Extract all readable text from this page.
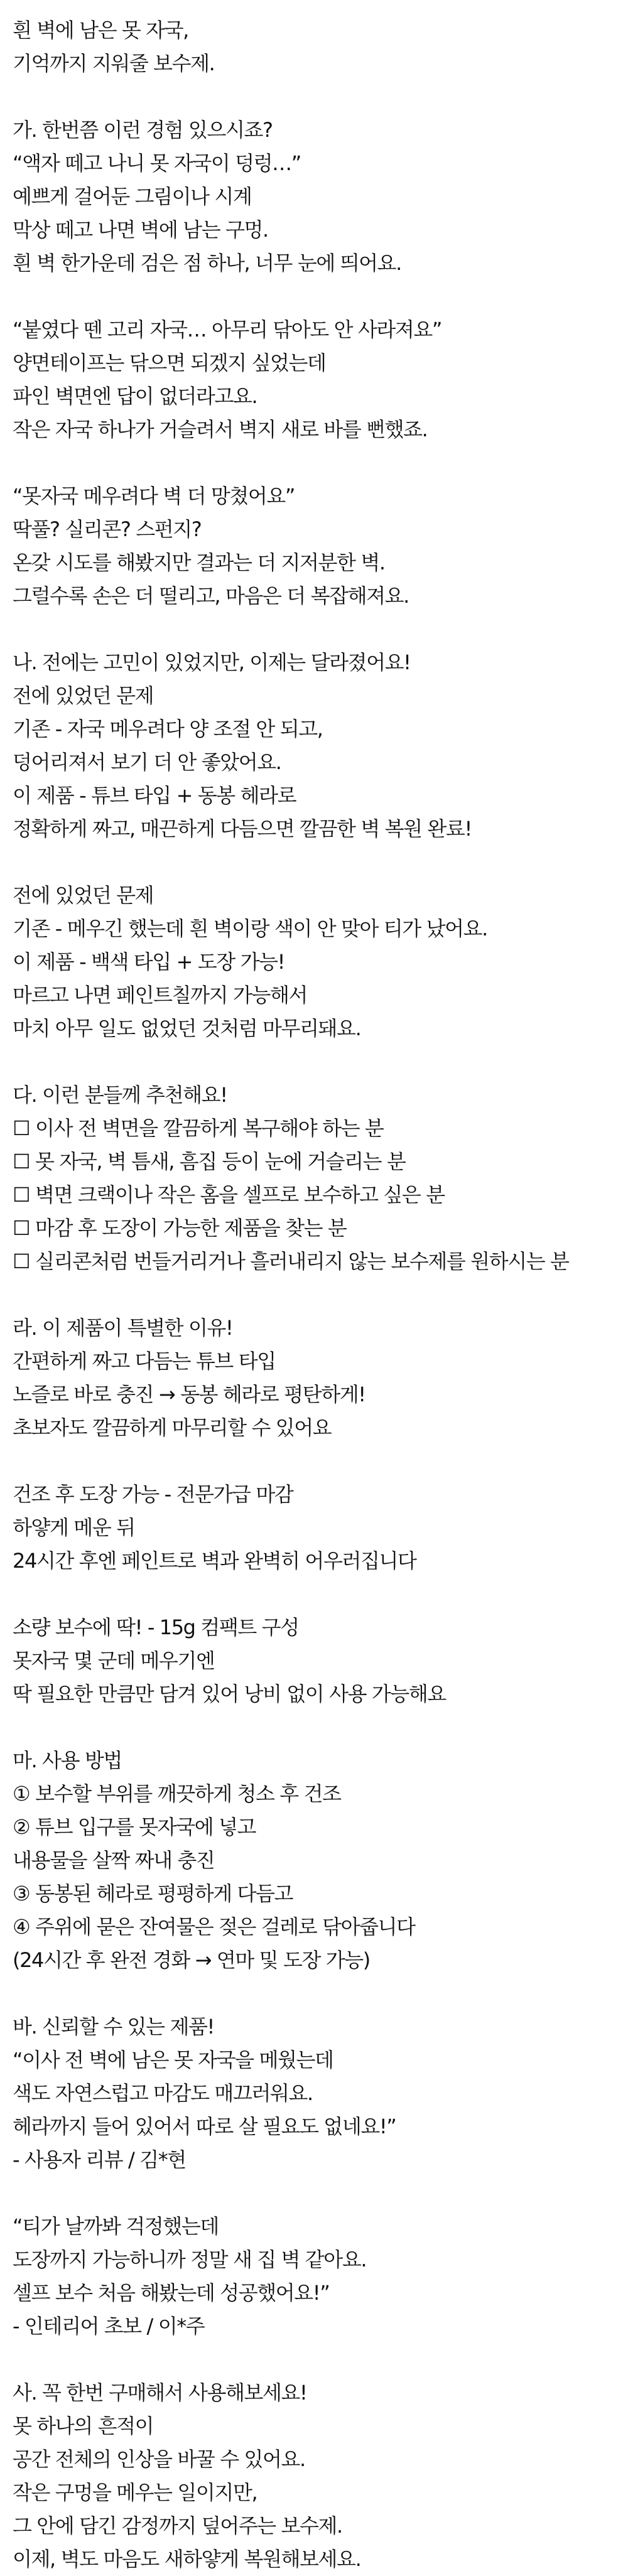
흰 벽에 남은 못 자국,
기억까지 지워줄 보수제.
가. 한번쯤 이런 경험 있으시죠?
“액자 떼고 나니 못 자국이 덩렁…”
예쁘게 걸어둔 그림이나 시계
막상 떼고 나면 벽에 남는 구멍.
흰 벽 한가운데 검은 점 하나, 너무 눈에 띄어요.
“붙였다 뗀 고리 자국… 아무리 닦아도 안 사라져요”
양면테이프는 닦으면 되겠지 싶었는데
파인 벽면엔 답이 없더라고요.
작은 자국 하나가 거슬려서 벽지 새로 바를 뻔했죠.
“못자국 메우려다 벽 더 망쳤어요”
딱풀? 실리콘? 스펀지?
온갖 시도를 해봤지만 결과는 더 지저분한 벽.
그럴수록 손은 더 떨리고, 마음은 더 복잡해져요.
나. 전에는 고민이 있었지만, 이제는 달라졌어요!
전에 있었던 문제
기존 - 자국 메우려다 양 조절 안 되고,
덩어리져서 보기 더 안 좋았어요.
이 제품 - 튜브 타입 + 동봉 헤라로
정확하게 짜고, 매끈하게 다듬으면 깔끔한 벽 복원 완료!
전에 있었던 문제
기존 - 메우긴 했는데 흰 벽이랑 색이 안 맞아 티가 났어요.
이 제품 - 백색 타입 + 도장 가능!
마르고 나면 페인트칠까지 가능해서
마치 아무 일도 없었던 것처럼 마무리돼요.
다. 이런 분들께 추천해요!
☐ 이사 전 벽면을 깔끔하게 복구해야 하는 분
☐ 못 자국, 벽 틈새, 흠집 등이 눈에 거슬리는 분
☐ 벽면 크랙이나 작은 홈을 셀프로 보수하고 싶은 분
☐ 마감 후 도장이 가능한 제품을 찾는 분
☐ 실리콘처럼 번들거리거나 흘러내리지 않는 보수제를 원하시는 분
라. 이 제품이 특별한 이유!
간편하게 짜고 다듬는 튜브 타입
노즐로 바로 충진 → 동봉 헤라로 평탄하게!
초보자도 깔끔하게 마무리할 수 있어요
건조 후 도장 가능 - 전문가급 마감
하얗게 메운 뒤
24시간 후엔 페인트로 벽과 완벽히 어우러집니다
소량 보수에 딱! - 15g 컴팩트 구성
못자국 몇 군데 메우기엔
딱 필요한 만큼만 담겨 있어 낭비 없이 사용 가능해요
마. 사용 방법
① 보수할 부위를 깨끗하게 청소 후 건조
② 튜브 입구를 못자국에 넣고
내용물을 살짝 짜내 충진
③ 동봉된 헤라로 평평하게 다듬고
④ 주위에 묻은 잔여물은 젖은 걸레로 닦아줍니다
(24시간 후 완전 경화 → 연마 및 도장 가능)
바. 신뢰할 수 있는 제품!
“이사 전 벽에 남은 못 자국을 메웠는데
색도 자연스럽고 마감도 매끄러워요.
헤라까지 들어 있어서 따로 살 필요도 없네요!”
- 사용자 리뷰 / 김*현
“티가 날까봐 걱정했는데
도장까지 가능하니까 정말 새 집 벽 같아요.
셀프 보수 처음 해봤는데 성공했어요!”
- 인테리어 초보 / 이*주
사. 꼭 한번 구매해서 사용해보세요!
못 하나의 흔적이
공간 전체의 인상을 바꿀 수 있어요.
작은 구멍을 메우는 일이지만,
그 안에 담긴 감정까지 덮어주는 보수제.
이제, 벽도 마음도 새하얗게 복원해보세요.
